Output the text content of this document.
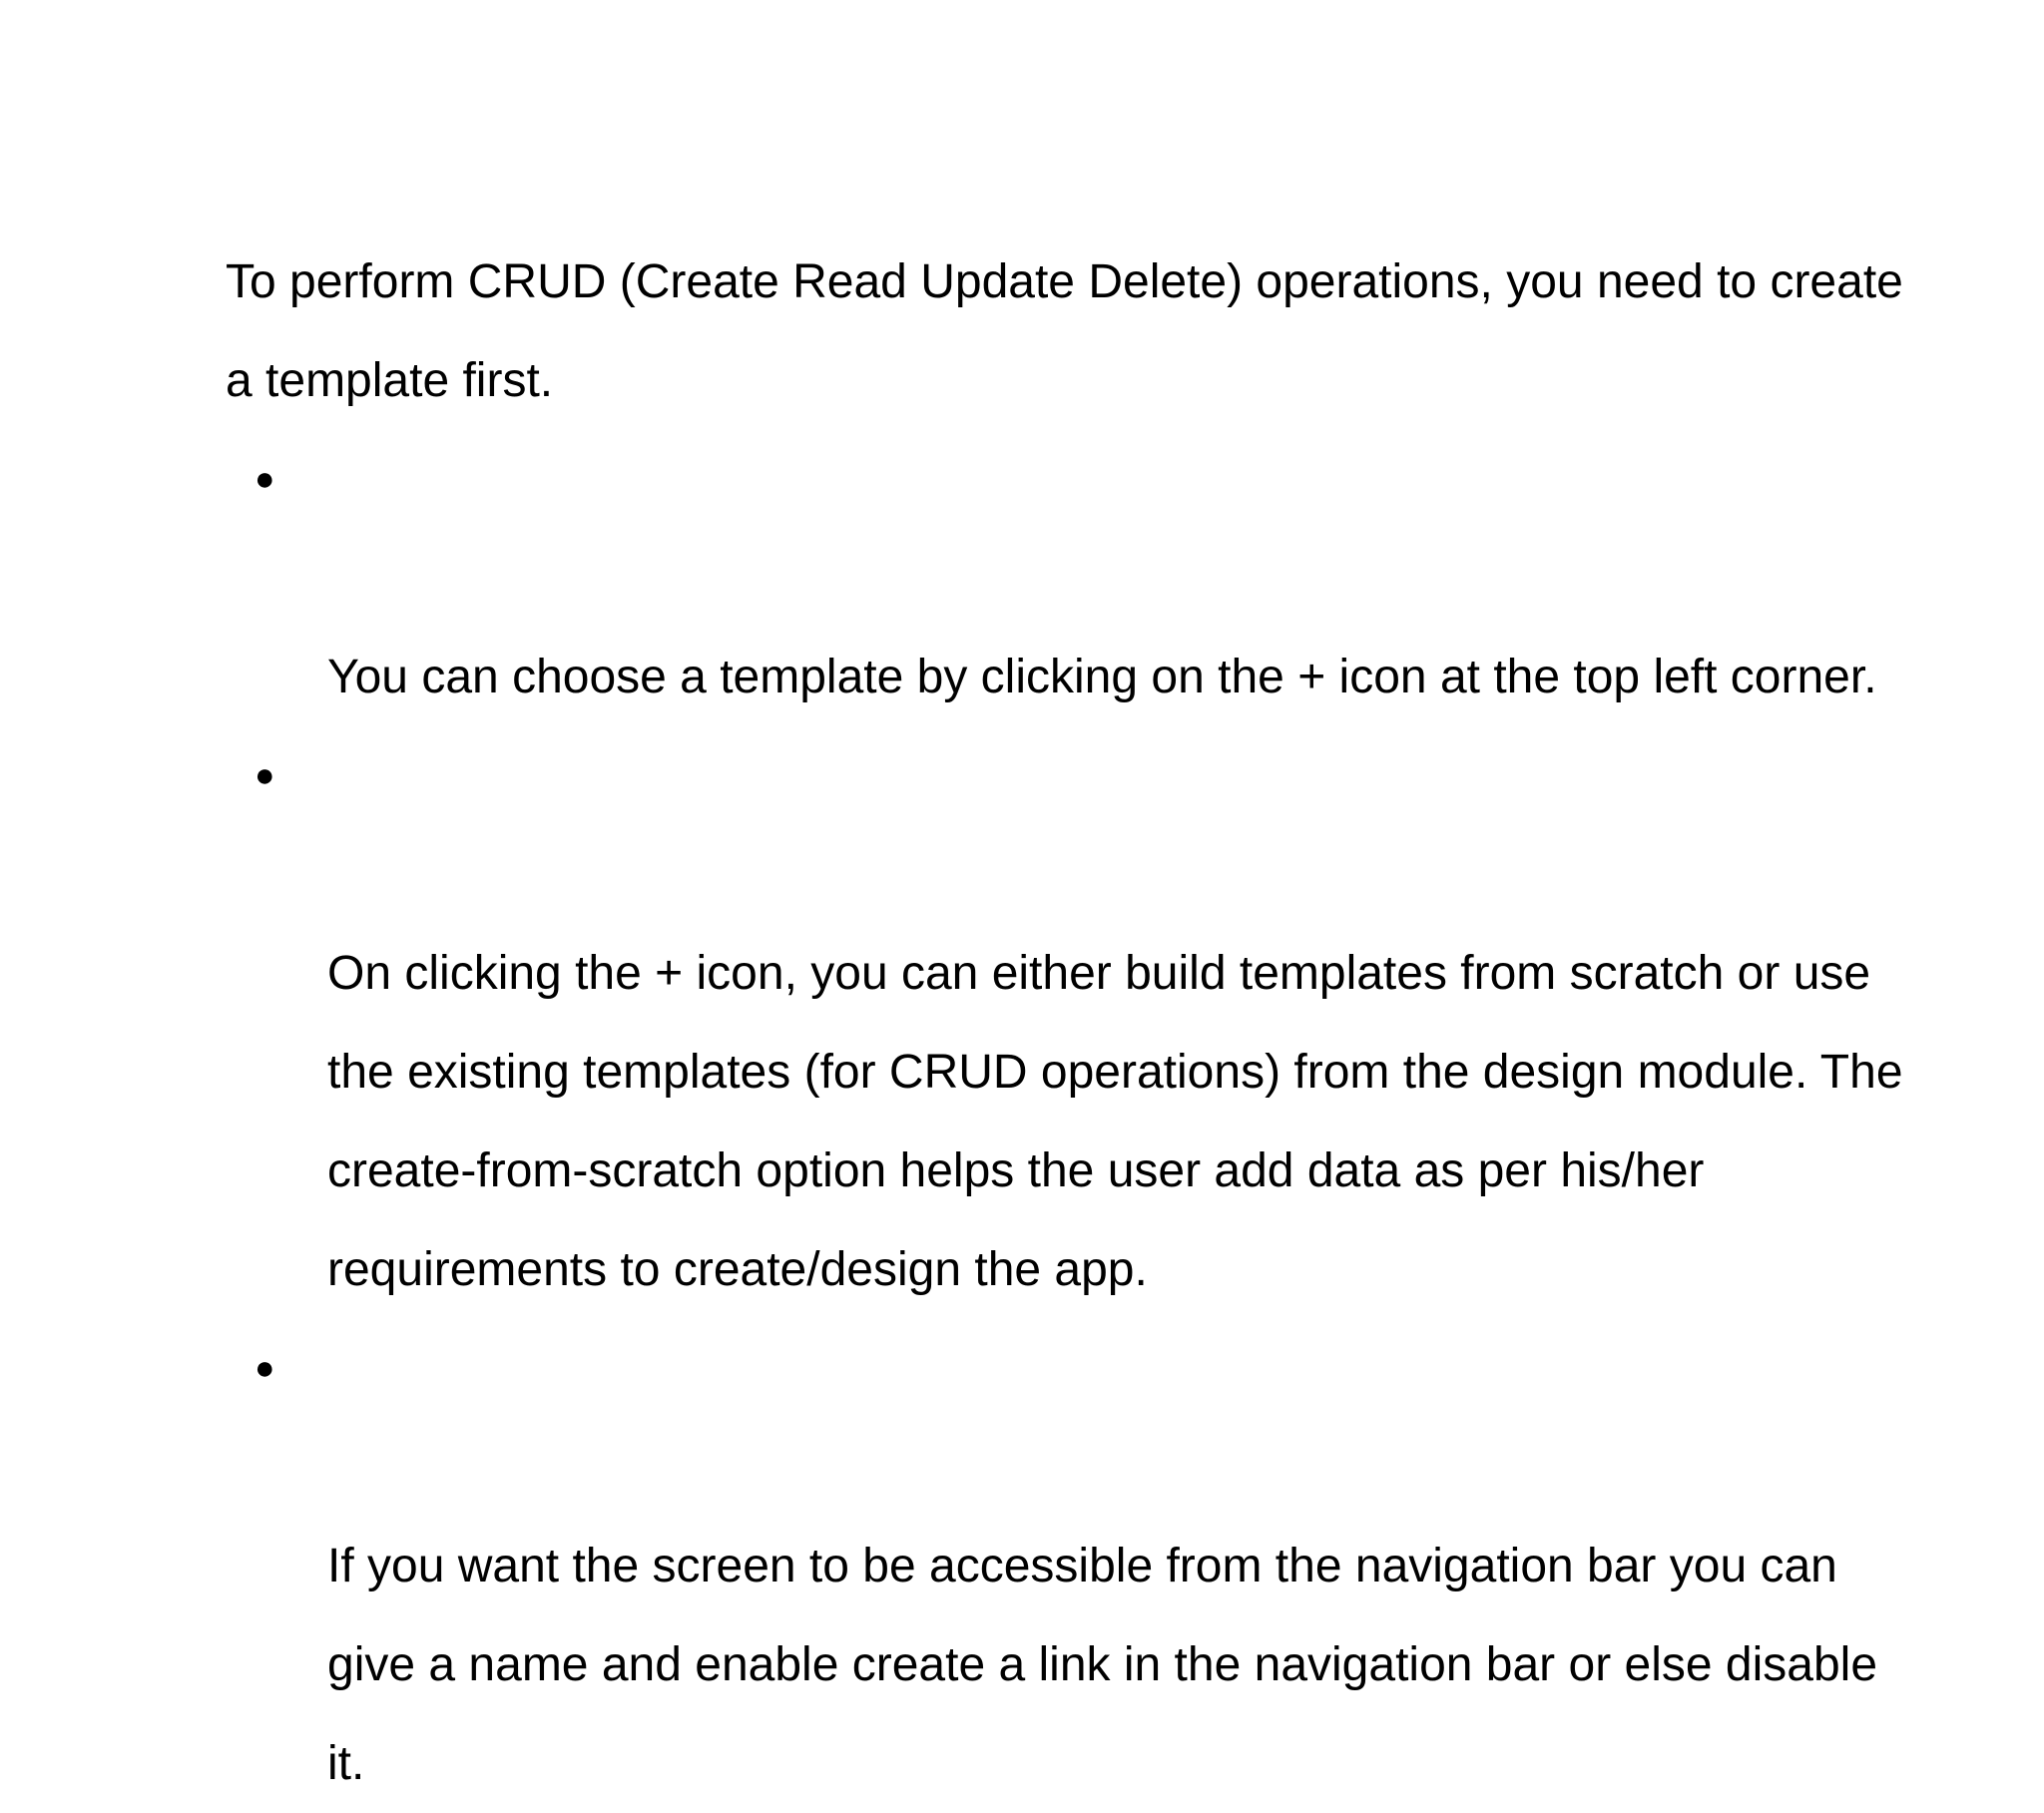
To perform CRUD (Create Read Update Delete) operations, you need to create
a template first.

●

You can choose a template by clicking on the + icon at the top left corner.

●

On clicking the + icon, you can either build templates from scratch or use
the existing templates (for CRUD operations) from the design module. The
create-from-scratch option helps the user add data as per his/her
requirements to create/design the app.

●

If you want the screen to be accessible from the navigation bar you can
give a name and enable create a link in the navigation bar or else disable
it.
